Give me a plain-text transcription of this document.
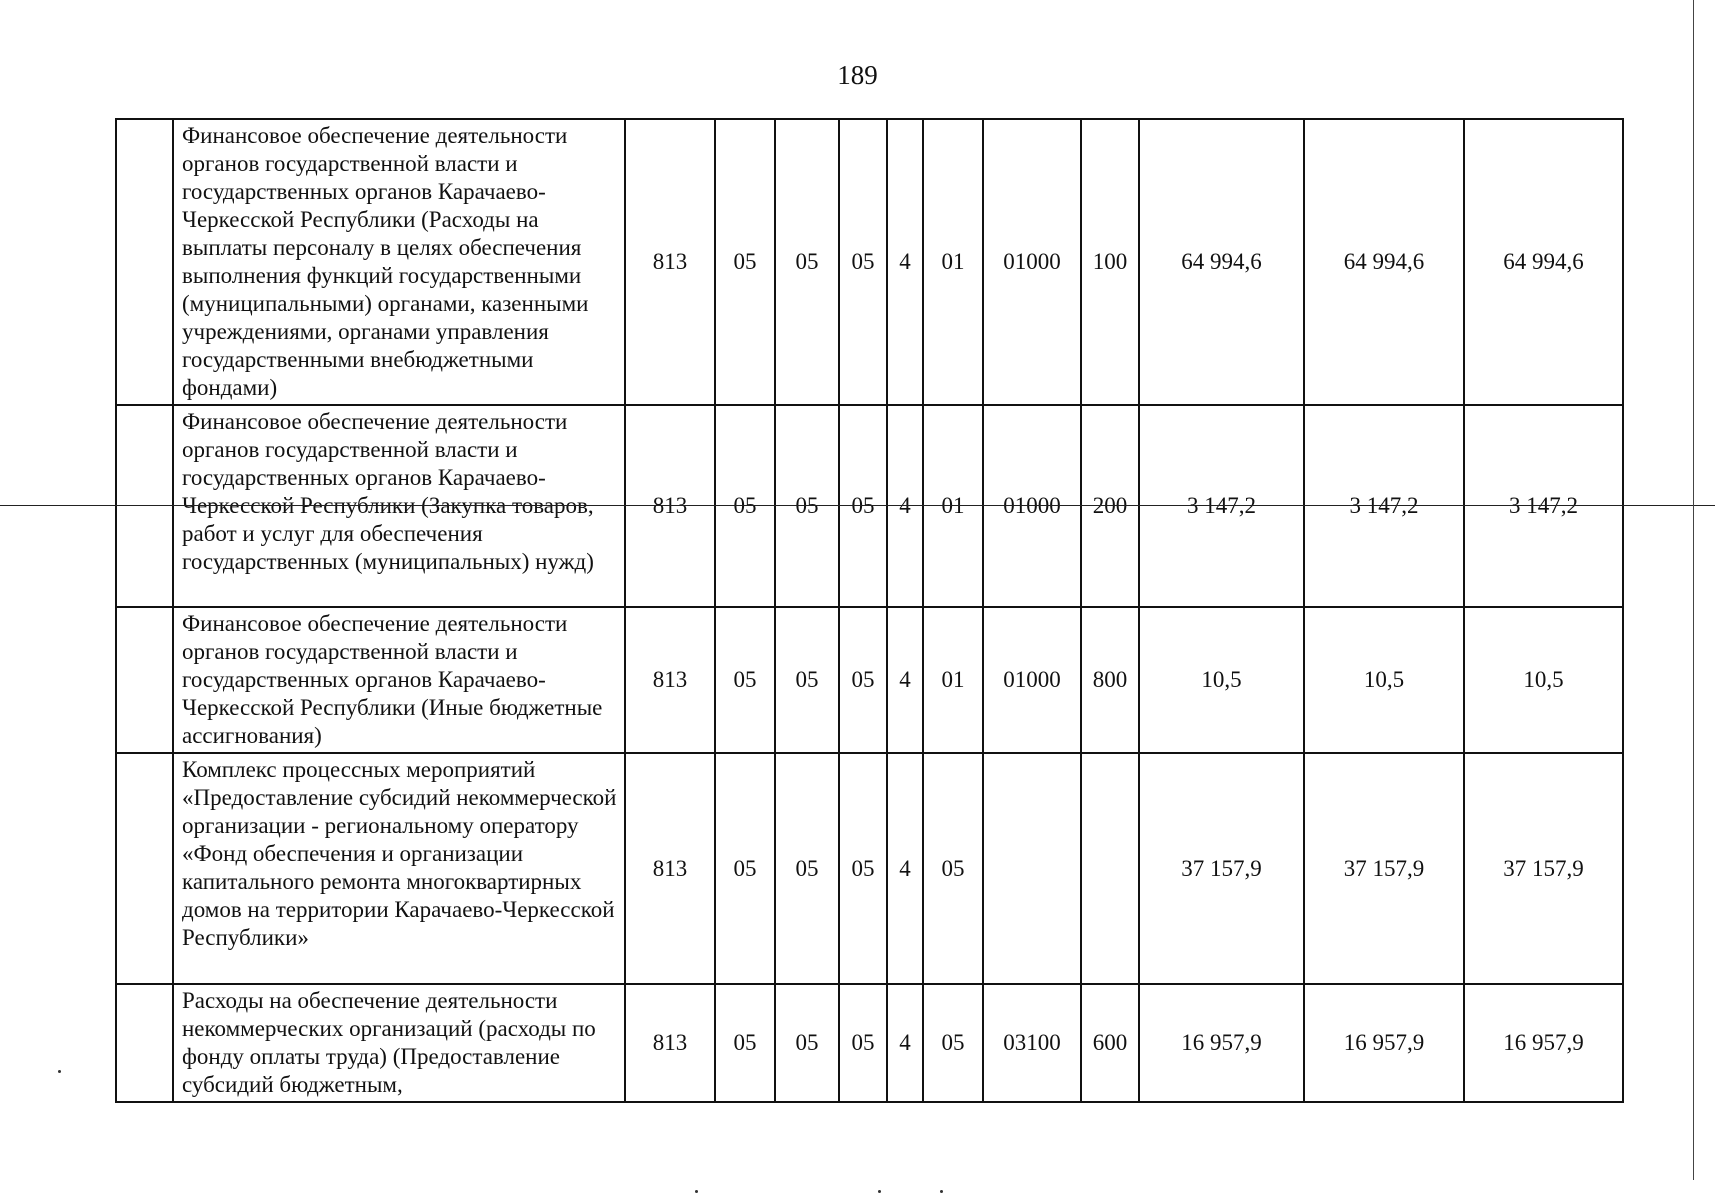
189
	Финансовое обеспечение деятельности органов государственной власти и государственных органов Карачаево-Черкесской Республики (Расходы на выплаты персоналу в целях обеспечения выполнения функций государственными (муниципальными) органами, казенными учреждениями, органами управления государственными внебюджетными фондами)	813	05	05	05	4	01	01000	100	64 994,6	64 994,6	64 994,6
	Финансовое обеспечение деятельности органов государственной власти и государственных органов Карачаево-Черкесской Республики (Закупка товаров, работ и услуг для обеспечения государственных (муниципальных) нужд)	813	05	05	05	4	01	01000	200	3 147,2	3 147,2	3 147,2
	Финансовое обеспечение деятельности органов государственной власти и государственных органов Карачаево-Черкесской Республики (Иные бюджетные ассигнования)	813	05	05	05	4	01	01000	800	10,5	10,5	10,5
	Комплекс процессных мероприятий «Предоставление субсидий некоммерческой организации - региональному оператору «Фонд обеспечения и организации капитального ремонта многоквартирных домов на территории Карачаево-Черкесской Республики»	813	05	05	05	4	05			37 157,9	37 157,9	37 157,9
	Расходы на обеспечение деятельности некоммерческих организаций (расходы по фонду оплаты труда) (Предоставление субсидий бюджетным,	813	05	05	05	4	05	03100	600	16 957,9	16 957,9	16 957,9
